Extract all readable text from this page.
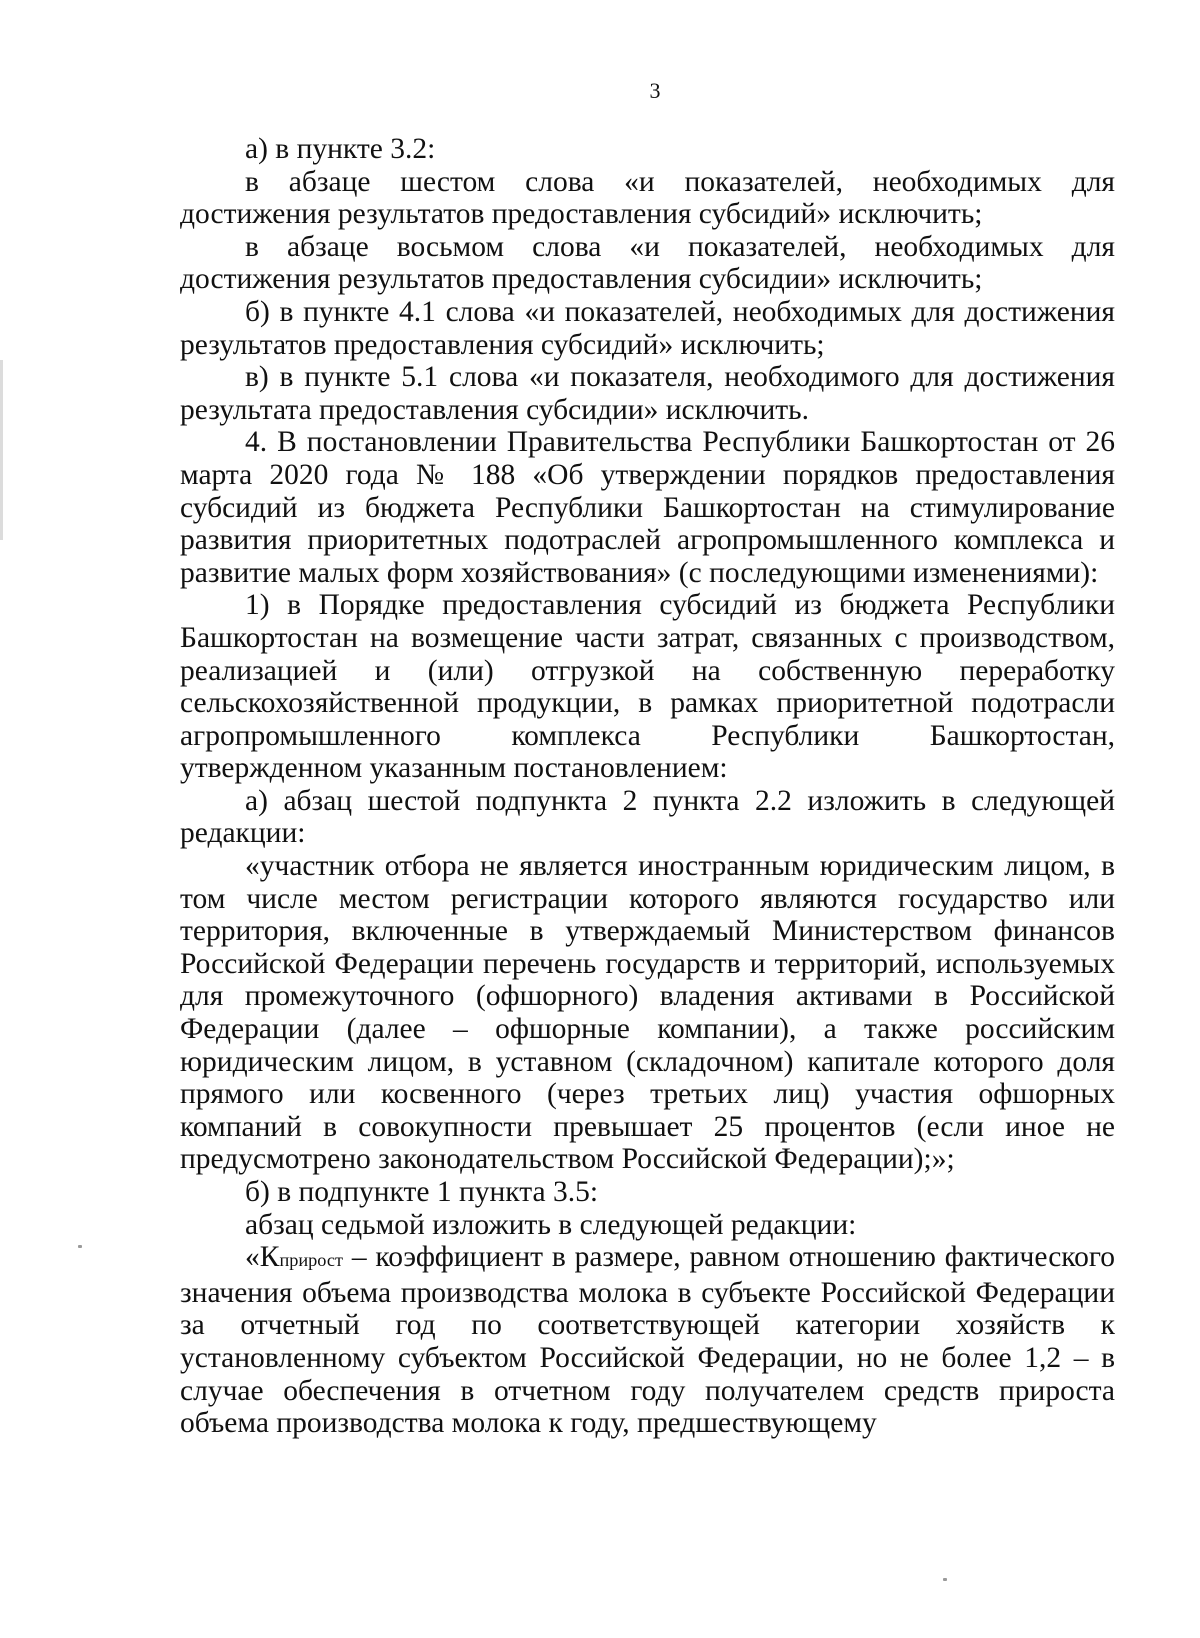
3

а) в пункте 3.2:

в абзаце шестом слова «и показателей, необходимых для достижения результатов предоставления субсидий» исключить;

в абзаце восьмом слова «и показателей, необходимых для достижения результатов предоставления субсидии» исключить;

б) в пункте 4.1 слова «и показателей, необходимых для достижения результатов предоставления субсидий» исключить;

в) в пункте 5.1 слова «и показателя, необходимого для достижения результата предоставления субсидии» исключить.

4. В постановлении Правительства Республики Башкортостан от 26 марта 2020 года № 188 «Об утверждении порядков предоставления субсидий из бюджета Республики Башкортостан на стимулирование развития приоритетных подотраслей агропромышленного комплекса и развитие малых форм хозяйствования» (с последующими изменениями):

1) в Порядке предоставления субсидий из бюджета Республики Башкортостан на возмещение части затрат, связанных с производством, реализацией и (или) отгрузкой на собственную переработку сельскохозяйственной продукции, в рамках приоритетной подотрасли агропромышленного комплекса Республики Башкортостан, утвержденном указанным постановлением:

а) абзац шестой подпункта 2 пункта 2.2 изложить в следующей редакции:

«участник отбора не является иностранным юридическим лицом, в том числе местом регистрации которого являются государство или территория, включенные в утверждаемый Министерством финансов Российской Федерации перечень государств и территорий, используемых для промежуточного (офшорного) владения активами в Российской Федерации (далее – офшорные компании), а также российским юридическим лицом, в уставном (складочном) капитале которого доля прямого или косвенного (через третьих лиц) участия офшорных компаний в совокупности превышает 25 процентов (если иное не предусмотрено законодательством Российской Федерации);»;

б) в подпункте 1 пункта 3.5:

абзац седьмой изложить в следующей редакции:

«Кприрост – коэффициент в размере, равном отношению фактического значения объема производства молока в субъекте Российской Федерации за отчетный год по соответствующей категории хозяйств к установленному субъектом Российской Федерации, но не более 1,2 – в случае обеспечения в отчетном году получателем средств прироста объема производства молока к году, предшествующему
